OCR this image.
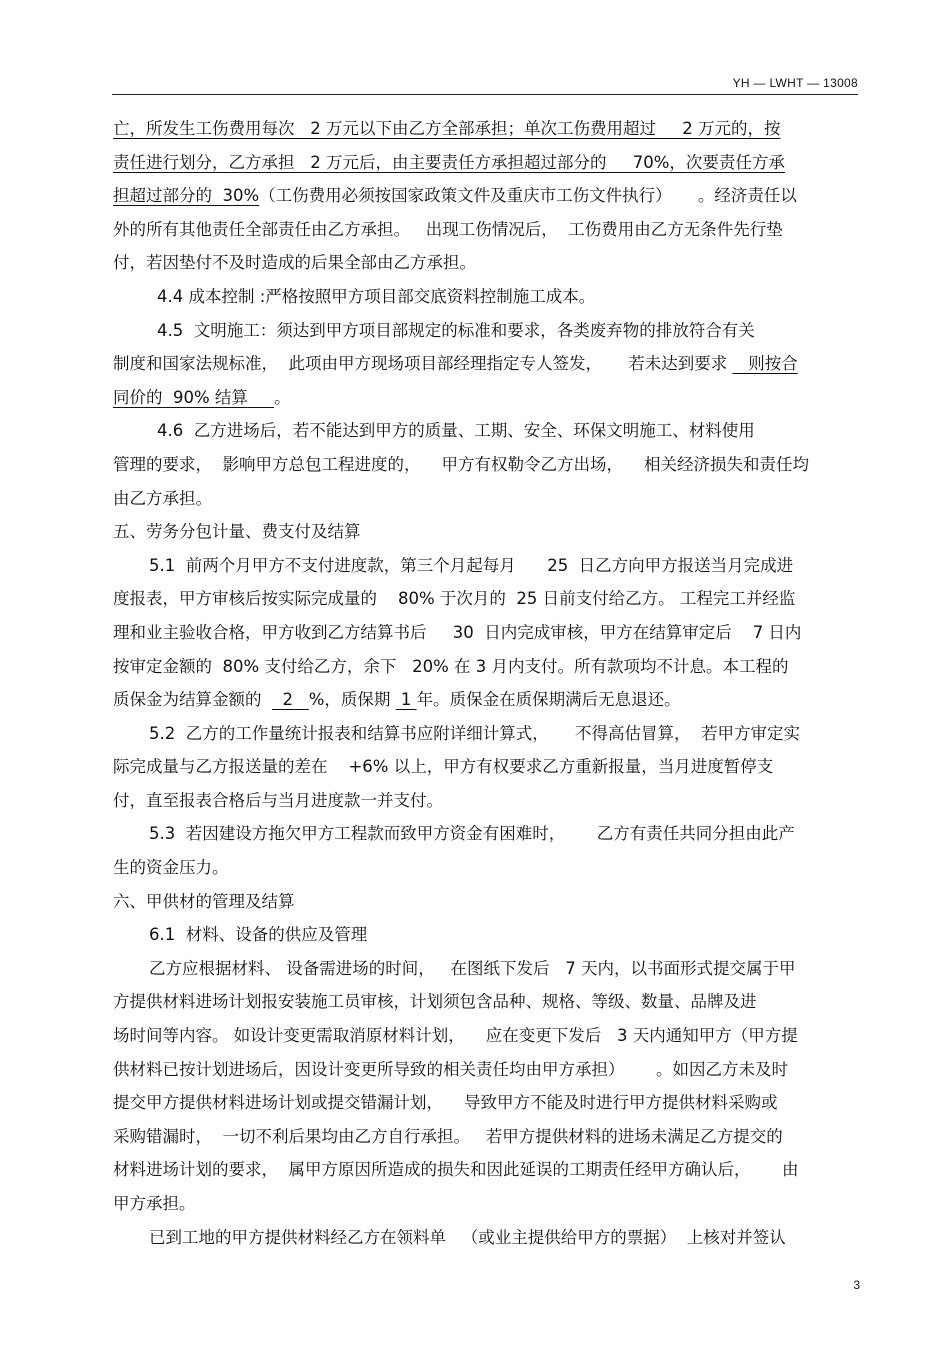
YH — LWHT — 13008
亡，所发生工伤费用每次   2 万元以下由乙方全部承担；单次工伤费用超过     2 万元的，按
责任进行划分，乙方承担   2 万元后，由主要责任方承担超过部分的     70%，次要责任方承
担超过部分的  30%（工伤费用必须按国家政策文件及重庆市工伤文件执行）     。经济责任以
外的所有其他责任全部责任由乙方承担。   出现工伤情况后，  工伤费用由乙方无条件先行垫
付，若因垫付不及时造成的后果全部由乙方承担。
4.4 成本控制 :严格按照甲方项目部交底资料控制施工成本。
4.5  文明施工：须达到甲方项目部规定的标准和要求，各类废弃物的排放符合有关
制度和国家法规标准，  此项由甲方现场项目部经理指定专人签发，     若未达到要求    则按合
同价的  90% 结算     。
4.6  乙方进场后，若不能达到甲方的质量、工期、安全、环保文明施工、材料使用
管理的要求，  影响甲方总包工程进度的，    甲方有权勒令乙方出场，    相关经济损失和责任均
由乙方承担。
五、劳务分包计量、费支付及结算
5.1  前两个月甲方不支付进度款，第三个月起每月      25  日乙方向甲方报送当月完成进
度报表，甲方审核后按实际完成量的    80% 于次月的  25 日前支付给乙方。 工程完工并经监
理和业主验收合格，甲方收到乙方结算书后     30  日内完成审核，甲方在结算审定后    7 日内
按审定金额的  80% 支付给乙方，余下   20% 在 3 月内支付。所有款项均不计息。本工程的
质保金为结算金额的    2   %，质保期  1 年。质保金在质保期满后无息退还。
5.2  乙方的工作量统计报表和结算书应附详细计算式，     不得高估冒算，  若甲方审定实
际完成量与乙方报送量的差在    +6% 以上，甲方有权要求乙方重新报量，当月进度暂停支
付，直至报表合格后与当月进度款一并支付。
5.3  若因建设方拖欠甲方工程款而致甲方资金有困难时，      乙方有责任共同分担由此产
生的资金压力。
六、甲供材的管理及结算
6.1  材料、设备的供应及管理
乙方应根据材料、 设备需进场的时间，   在图纸下发后   7 天内，以书面形式提交属于甲
方提供材料进场计划报安装施工员审核，计划须包含品种、规格、等级、数量、品牌及进
场时间等内容。 如设计变更需取消原材料计划，    应在变更下发后   3 天内通知甲方（甲方提
供材料已按计划进场后，因设计变更所导致的相关责任均由甲方承担）      。如因乙方未及时
提交甲方提供材料进场计划或提交错漏计划，    导致甲方不能及时进行甲方提供材料采购或
采购错漏时，  一切不利后果均由乙方自行承担。   若甲方提供材料的进场未满足乙方提交的
材料进场计划的要求，  属甲方原因所造成的损失和因此延误的工期责任经甲方确认后，      由
甲方承担。
已到工地的甲方提供材料经乙方在领料单   （或业主提供给甲方的票据）  上核对并签认
3
